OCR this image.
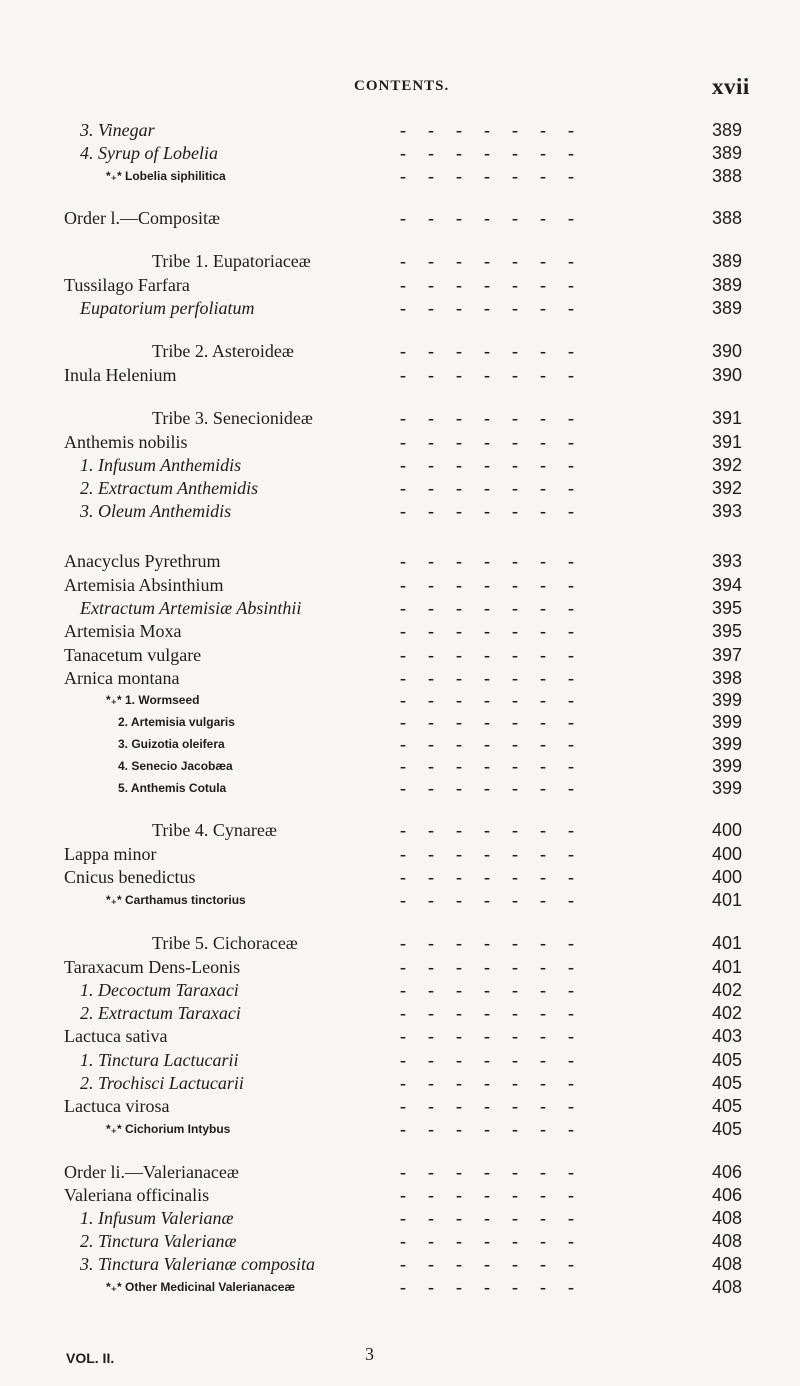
CONTENTS.	xvii
3. Vinegar	-------	389
4. Syrup of Lobelia	-------	389
*₊* Lobelia siphilitica	-------	388
Order l.—Compositæ	-------	388
Tribe 1. Eupatoriaceæ	-------	389
Tussilago Farfara	-------	389
Eupatorium perfoliatum	-------	389
Tribe 2. Asteroideæ	-------	390
Inula Helenium	-------	390
Tribe 3. Senecionideæ	-------	391
Anthemis nobilis	-------	391
1. Infusum Anthemidis	-------	392
2. Extractum Anthemidis	-------	392
3. Oleum Anthemidis	-------	393
Anacyclus Pyrethrum	-------	393
Artemisia Absinthium	-------	394
Extractum Artemisiæ Absinthii	-------	395
Artemisia Moxa	-------	395
Tanacetum vulgare	-------	397
Arnica montana	-------	398
*₊* 1. Wormseed	-------	399
2. Artemisia vulgaris	-------	399
3. Guizotia oleifera	-------	399
4. Senecio Jacobæa	-------	399
5. Anthemis Cotula	-------	399
Tribe 4. Cynareæ	-------	400
Lappa minor	-------	400
Cnicus benedictus	-------	400
*₊* Carthamus tinctorius	-------	401
Tribe 5. Cichoraceæ	-------	401
Taraxacum Dens-Leonis	-------	401
1. Decoctum Taraxaci	-------	402
2. Extractum Taraxaci	-------	402
Lactuca sativa	-------	403
1. Tinctura Lactucarii	-------	405
2. Trochisci Lactucarii	-------	405
Lactuca virosa	-------	405
*₊* Cichorium Intybus	-------	405
Order li.—Valerianaceæ	-------	406
Valeriana officinalis	-------	406
1. Infusum Valerianæ	-------	408
2. Tinctura Valerianæ	-------	408
3. Tinctura Valerianæ composita	-------	408
*₊* Other Medicinal Valerianaceæ	-------	408
VOL. II.	3
